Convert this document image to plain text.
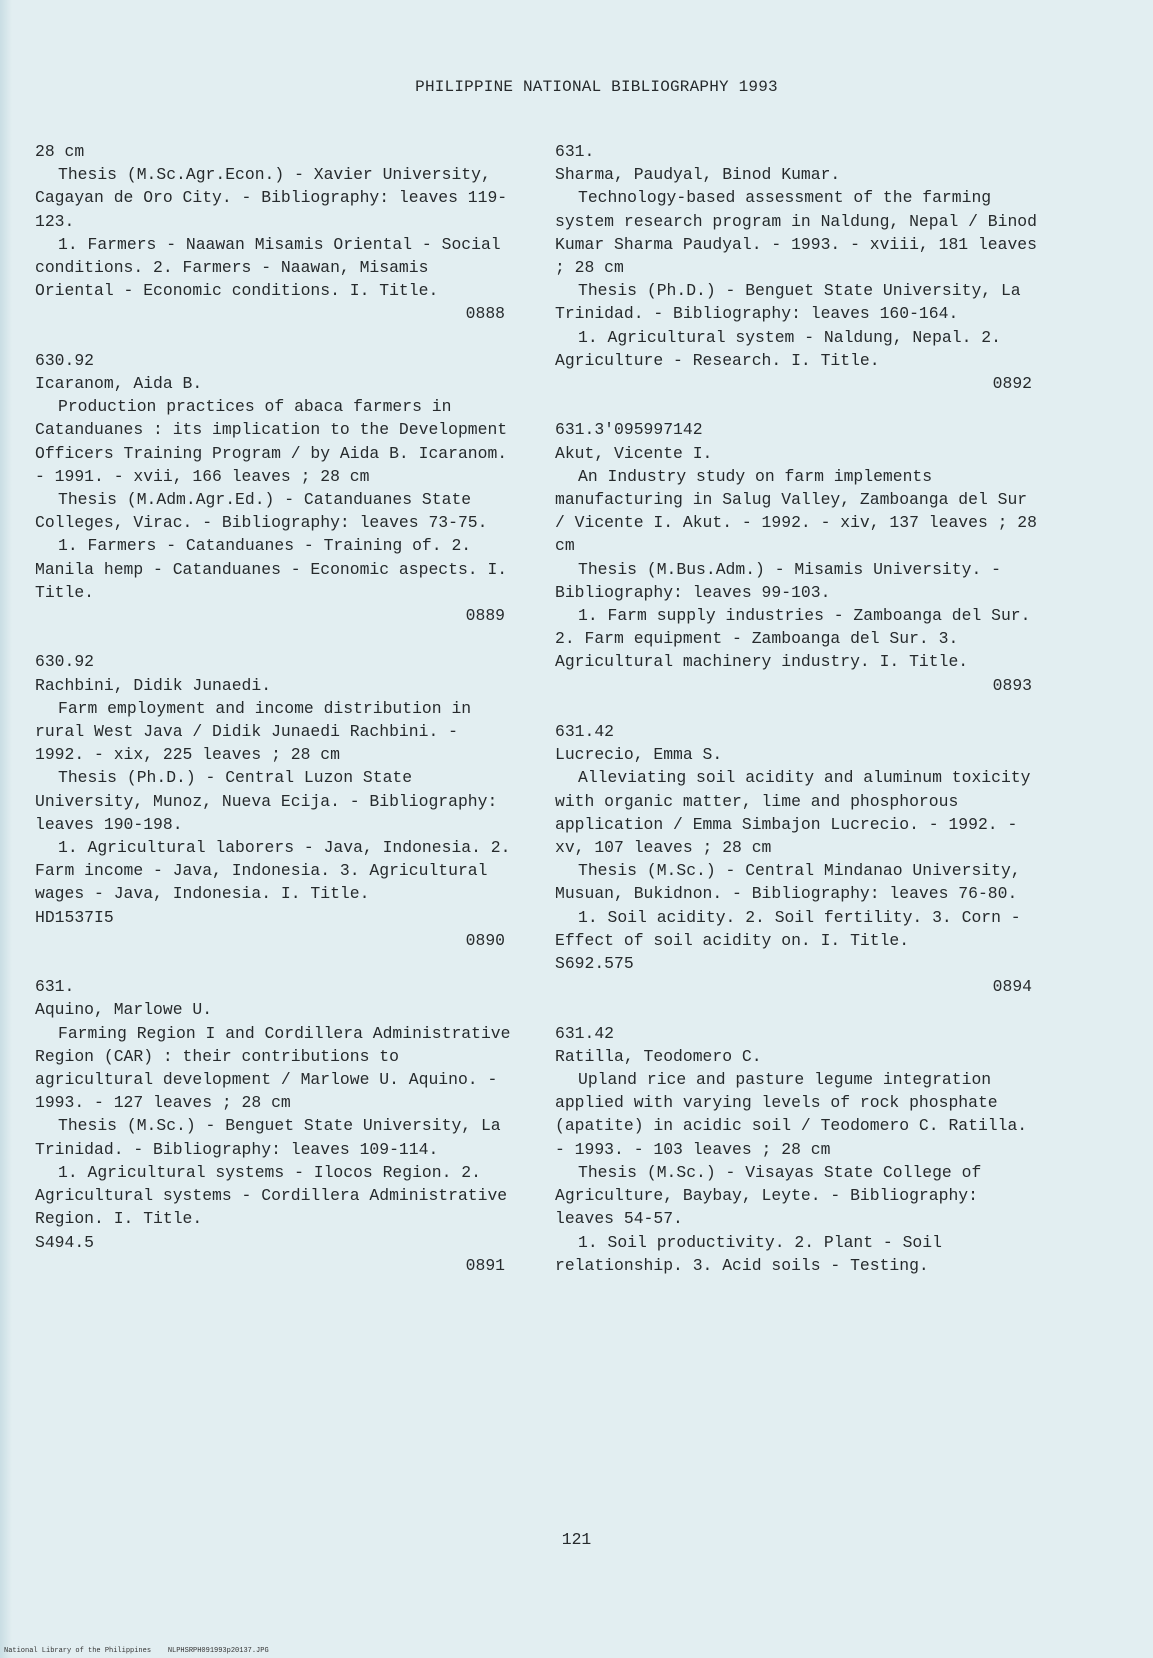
PHILIPPINE NATIONAL BIBLIOGRAPHY 1993
28 cm

Thesis (M.Sc.Agr.Econ.) - Xavier University, Cagayan de Oro City. - Bibliography: leaves 119-123.

1. Farmers - Naawan Misamis Oriental - Social conditions. 2. Farmers - Naawan, Misamis Oriental - Economic conditions. I. Title.

0888
630.92
Icaranom, Aida B.

Production practices of abaca farmers in Catanduanes : its implication to the Development Officers Training Program / by Aida B. Icaranom. - 1991. - xvii, 166 leaves ; 28 cm

Thesis (M.Adm.Agr.Ed.) - Catanduanes State Colleges, Virac. - Bibliography: leaves 73-75.

1. Farmers - Catanduanes - Training of. 2. Manila hemp - Catanduanes - Economic aspects. I. Title.

0889
630.92
Rachbini, Didik Junaedi.

Farm employment and income distribution in rural West Java / Didik Junaedi Rachbini. - 1992. - xix, 225 leaves ; 28 cm

Thesis (Ph.D.) - Central Luzon State University, Munoz, Nueva Ecija. - Bibliography: leaves 190-198.

1. Agricultural laborers - Java, Indonesia. 2. Farm income - Java, Indonesia. 3. Agricultural wages - Java, Indonesia. I. Title.

HD1537I5
0890
631.
Aquino, Marlowe U.

Farming Region I and Cordillera Administrative Region (CAR) : their contributions to agricultural development / Marlowe U. Aquino. - 1993. - 127 leaves ; 28 cm

Thesis (M.Sc.) - Benguet State University, La Trinidad. - Bibliography: leaves 109-114.

1. Agricultural systems - Ilocos Region. 2. Agricultural systems - Cordillera Administrative Region. I. Title.

S494.5
0891
631.
Sharma, Paudyal, Binod Kumar.

Technology-based assessment of the farming system research program in Naldung, Nepal / Binod Kumar Sharma Paudyal. - 1993. - xviii, 181 leaves ; 28 cm

Thesis (Ph.D.) - Benguet State University, La Trinidad. - Bibliography: leaves 160-164.

1. Agricultural system - Naldung, Nepal. 2. Agriculture - Research. I. Title.

0892
631.3'095997142
Akut, Vicente I.

An Industry study on farm implements manufacturing in Salug Valley, Zamboanga del Sur / Vicente I. Akut. - 1992. - xiv, 137 leaves ; 28 cm

Thesis (M.Bus.Adm.) - Misamis University. - Bibliography: leaves 99-103.

1. Farm supply industries - Zamboanga del Sur. 2. Farm equipment - Zamboanga del Sur. 3. Agricultural machinery industry. I. Title.

0893
631.42
Lucrecio, Emma S.

Alleviating soil acidity and aluminum toxicity with organic matter, lime and phosphorous application / Emma Simbajon Lucrecio. - 1992. - xv, 107 leaves ; 28 cm

Thesis (M.Sc.) - Central Mindanao University, Musuan, Bukidnon. - Bibliography: leaves 76-80.

1. Soil acidity. 2. Soil fertility. 3. Corn - Effect of soil acidity on. I. Title.

S692.575
0894
631.42
Ratilla, Teodomero C.

Upland rice and pasture legume integration applied with varying levels of rock phosphate (apatite) in acidic soil / Teodomero C. Ratilla. - 1993. - 103 leaves ; 28 cm

Thesis (M.Sc.) - Visayas State College of Agriculture, Baybay, Leyte. - Bibliography: leaves 54-57.

1. Soil productivity. 2. Plant - Soil relationship. 3. Acid soils - Testing.

121
National Library of the Philippines    NLPHSRPH091993p20137.JPG
